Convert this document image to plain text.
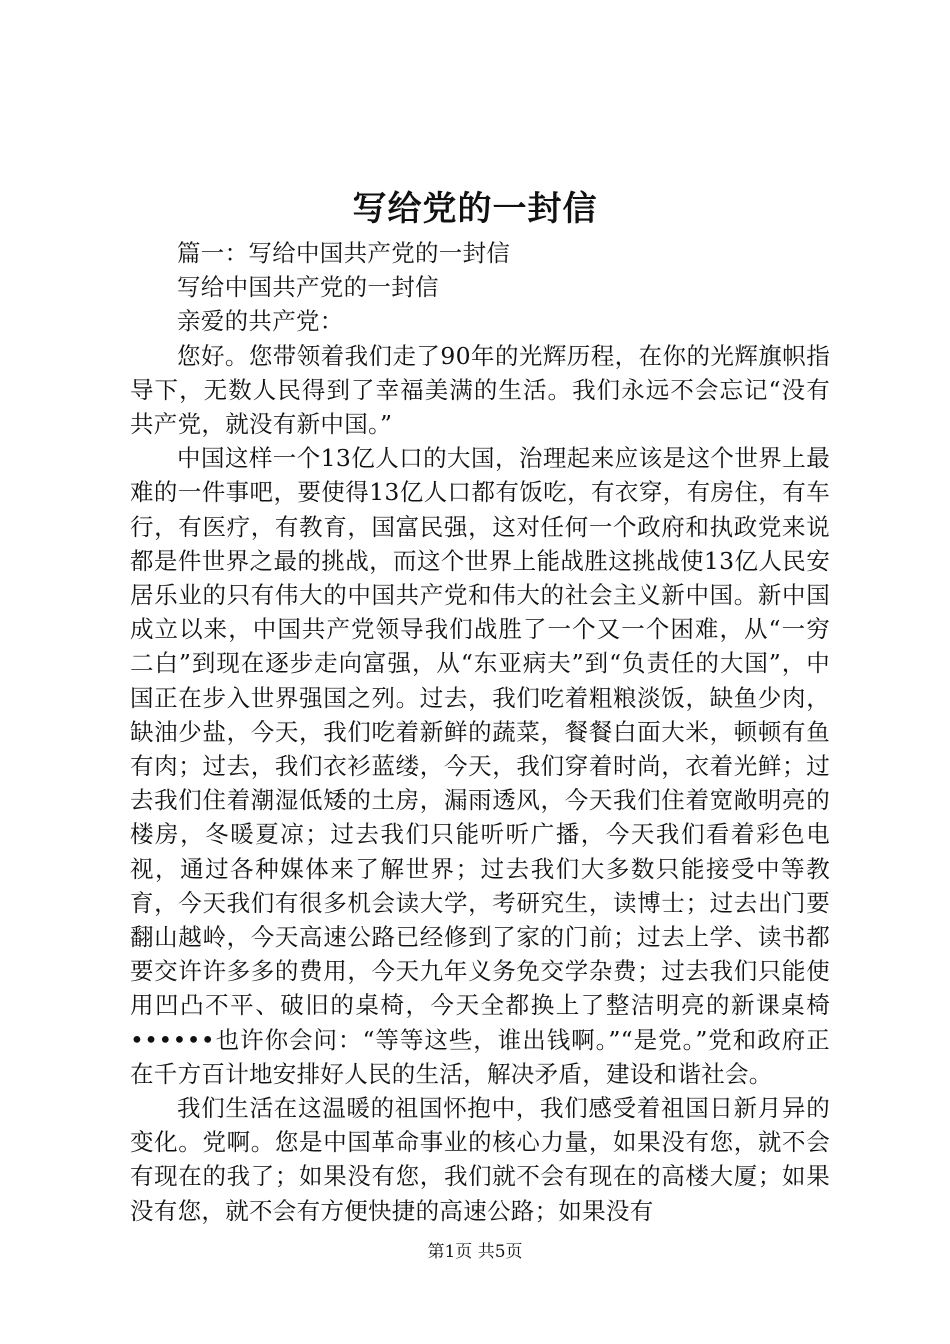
写给党的一封信

篇一：写给中国共产党的一封信

写给中国共产党的一封信

亲爱的共产党：

您好。您带领着我们走了90年的光辉历程，在你的光辉旗帜指导下，无数人民得到了幸福美满的生活。我们永远不会忘记“没有共产党，就没有新中国。”

中国这样一个13亿人口的大国，治理起来应该是这个世界上最难的一件事吧，要使得13亿人口都有饭吃，有衣穿，有房住，有车行，有医疗，有教育，国富民强，这对任何一个政府和执政党来说都是件世界之最的挑战，而这个世界上能战胜这挑战使13亿人民安居乐业的只有伟大的中国共产党和伟大的社会主义新中国。新中国成立以来，中国共产党领导我们战胜了一个又一个困难，从“一穷二白”到现在逐步走向富强，从“东亚病夫”到“负责任的大国”，中国正在步入世界强国之列。过去，我们吃着粗粮淡饭，缺鱼少肉，缺油少盐，今天，我们吃着新鲜的蔬菜，餐餐白面大米，顿顿有鱼有肉；过去，我们衣衫蓝缕，今天，我们穿着时尚，衣着光鲜；过去我们住着潮湿低矮的土房，漏雨透风，今天我们住着宽敞明亮的楼房，冬暖夏凉；过去我们只能听听广播，今天我们看着彩色电视，通过各种媒体来了解世界；过去我们大多数只能接受中等教育，今天我们有很多机会读大学，考研究生，读博士；过去出门要翻山越岭，今天高速公路已经修到了家的门前；过去上学、读书都要交许许多多的费用，今天九年义务免交学杂费；过去我们只能使用凹凸不平、破旧的桌椅，今天全都换上了整洁明亮的新课桌椅••••••也许你会问：“等等这些，谁出钱啊。”“是党。”党和政府正在千方百计地安排好人民的生活，解决矛盾，建设和谐社会。

我们生活在这温暖的祖国怀抱中，我们感受着祖国日新月异的变化。党啊。您是中国革命事业的核心力量，如果没有您，就不会有现在的我了；如果没有您，我们就不会有现在的高楼大厦；如果没有您，就不会有方便快捷的高速公路；如果没有

第1页 共5页
